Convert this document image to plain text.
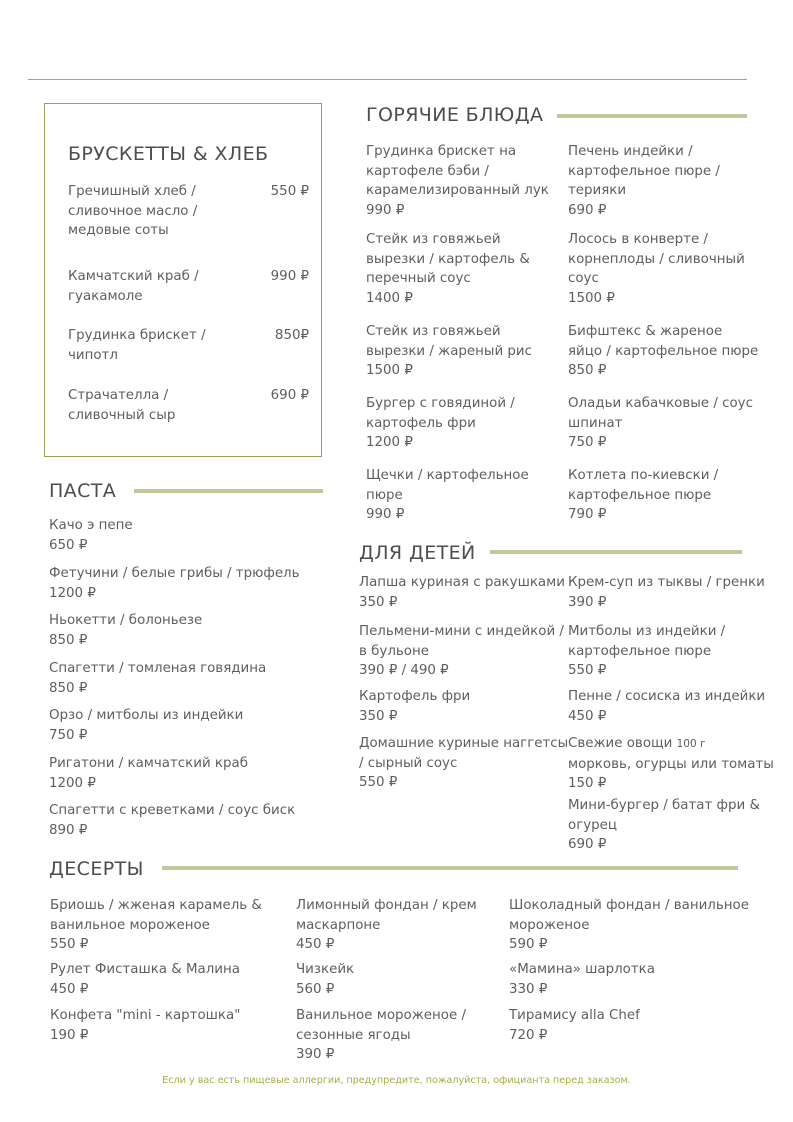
БРУСКЕТТЫ & ХЛЕБ
Гречишный хлеб /
сливочное масло /
медовые соты
550 ₽
Камчатский краб /
гуакамоле
990 ₽
Грудинка брискет /
чипотл
850₽
Страчателла /
сливочный сыр
690 ₽
ГОРЯЧИЕ БЛЮДА
Грудинка брискет на
картофеле бэби /
карамелизированный лук
990 ₽
Печень индейки /
картофельное пюре /
терияки
690 ₽
Стейк из говяжьей
вырезки / картофель &
перечный соус
1400 ₽
Лосось в конверте /
корнеплоды / сливочный
соус
1500 ₽
Стейк из говяжьей
вырезки / жареный рис
1500 ₽
Бифштекс & жареное
яйцо / картофельное пюре
850 ₽
Бургер с говядиной /
картофель фри
1200 ₽
Оладьи кабачковые / соус
шпинат
750 ₽
Щечки / картофельное
пюре
990 ₽
Котлета по-киевски /
картофельное пюре
790 ₽
ПАСТА
Качо э пепе
650 ₽
Фетучини / белые грибы / трюфель
1200 ₽
Ньокетти / болоньезе
850 ₽
Спагетти / томленая говядина
850 ₽
Орзо / митболы из индейки
750 ₽
Ригатони / камчатский краб
1200 ₽
Спагетти с креветками / соус биск
890 ₽
ДЛЯ ДЕТЕЙ
Лапша куриная с ракушками
350 ₽
Крем-суп из тыквы / гренки
390 ₽
Пельмени-мини с индейкой /
в бульоне
390 ₽ / 490 ₽
Митболы из индейки /
картофельное пюре
550 ₽
Картофель фри
350 ₽
Пенне / сосиска из индейки
450 ₽
Домашние куриные наггетсы
/ сырный соус
550 ₽
Свежие овощи 100 г
морковь, огурцы или томаты
150 ₽
Мини-бургер / батат фри &
огурец
690 ₽
ДЕСЕРТЫ
Бриошь / жженая карамель &
ванильное мороженое
550 ₽
Лимонный фондан / крем
маскарпоне
450 ₽
Шоколадный фондан / ванильное
мороженое
590 ₽
Рулет Фисташка & Малина
450 ₽
Чизкейк
560 ₽
«Мамина» шарлотка
330 ₽
Конфета "mini - картошка"
190 ₽
Ванильное мороженое /
сезонные ягоды
390 ₽
Тирамису alla Chef
720 ₽
Если у вас есть пищевые аллергии, предупредите, пожалуйста, официанта перед заказом.
